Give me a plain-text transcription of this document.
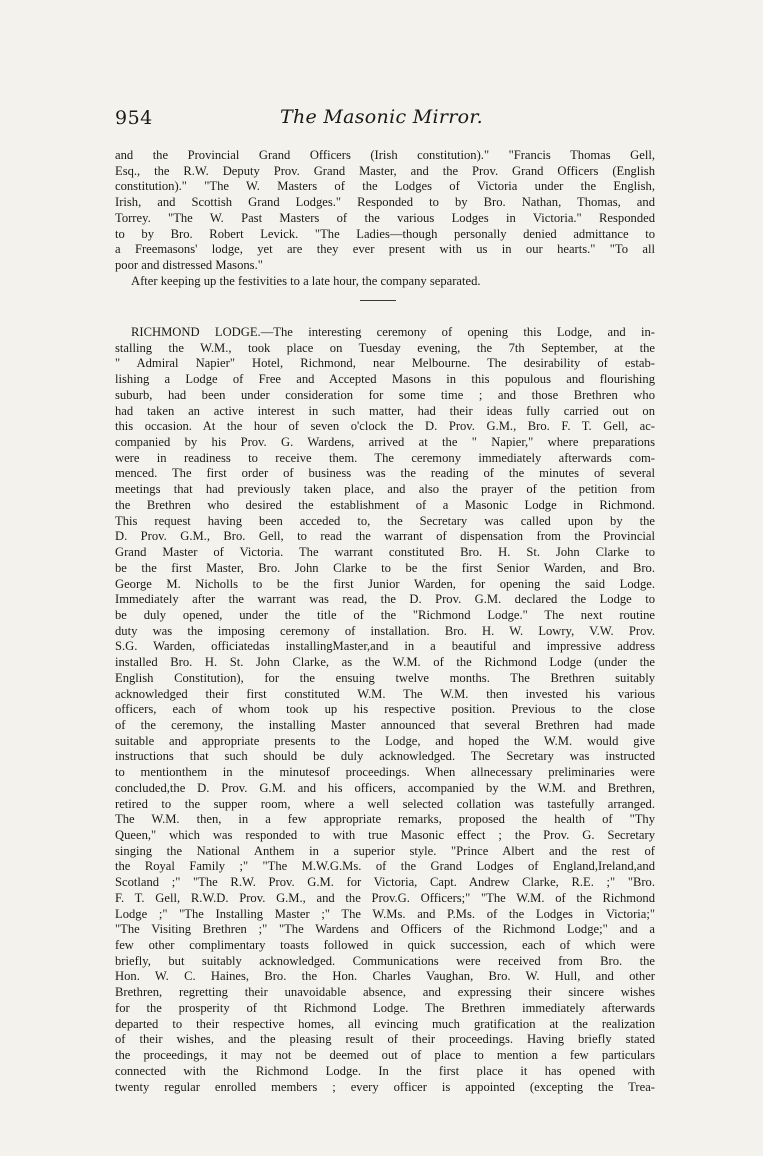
954	The Masonic Mirror.
and the Provincial Grand Officers (Irish constitution)." "Francis Thomas Gell,
Esq., the R.W. Deputy Prov. Grand Master, and the Prov. Grand Officers (English
constitution)." "The W. Masters of the Lodges of Victoria under the English,
Irish, and Scottish Grand Lodges." Responded to by Bro. Nathan, Thomas, and
Torrey. "The W. Past Masters of the various Lodges in Victoria." Responded
to by Bro. Robert Levick. "The Ladies—though personally denied admittance to
a Freemasons' lodge, yet are they ever present with us in our hearts." "To all
poor and distressed Masons."
After keeping up the festivities to a late hour, the company separated.
RICHMOND LODGE.—The interesting ceremony of opening this Lodge, and in-
stalling the W.M., took place on Tuesday evening, the 7th September, at the
" Admiral Napier" Hotel, Richmond, near Melbourne. The desirability of estab-
lishing a Lodge of Free and Accepted Masons in this populous and flourishing
suburb, had been under consideration for some time ; and those Brethren who
had taken an active interest in such matter, had their ideas fully carried out on
this occasion. At the hour of seven o'clock the D. Prov. G.M., Bro. F. T. Gell, ac-
companied by his Prov. G. Wardens, arrived at the " Napier," where preparations
were in readiness to receive them. The ceremony immediately afterwards com-
menced. The first order of business was the reading of the minutes of several
meetings that had previously taken place, and also the prayer of the petition from
the Brethren who desired the establishment of a Masonic Lodge in Richmond.
This request having been acceded to, the Secretary was called upon by the
D. Prov. G.M., Bro. Gell, to read the warrant of dispensation from the Provincial
Grand Master of Victoria. The warrant constituted Bro. H. St. John Clarke to
be the first Master, Bro. John Clarke to be the first Senior Warden, and Bro.
George M. Nicholls to be the first Junior Warden, for opening the said Lodge.
Immediately after the warrant was read, the D. Prov. G.M. declared the Lodge to
be duly opened, under the title of the "Richmond Lodge." The next routine
duty was the imposing ceremony of installation. Bro. H. W. Lowry, V.W. Prov.
S.G. Warden, officiatedas installingMaster,and in a beautiful and impressive address
installed Bro. H. St. John Clarke, as the W.M. of the Richmond Lodge (under the
English Constitution), for the ensuing twelve months. The Brethren suitably
acknowledged their first constituted W.M. The W.M. then invested his various
officers, each of whom took up his respective position. Previous to the close
of the ceremony, the installing Master announced that several Brethren had made
suitable and appropriate presents to the Lodge, and hoped the W.M. would give
instructions that such should be duly acknowledged. The Secretary was instructed
to mentionthem in the minutesof proceedings. When allnecessary preliminaries were
concluded,the D. Prov. G.M. and his officers, accompanied by the W.M. and Brethren,
retired to the supper room, where a well selected collation was tastefully arranged.
The W.M. then, in a few appropriate remarks, proposed the health of "Thy
Queen," which was responded to with true Masonic effect ; the Prov. G. Secretary
singing the National Anthem in a superior style. "Prince Albert and the rest of
the Royal Family ;" "The M.W.G.Ms. of the Grand Lodges of England,Ireland,and
Scotland ;" "The R.W. Prov. G.M. for Victoria, Capt. Andrew Clarke, R.E. ;" "Bro.
F. T. Gell, R.W.D. Prov. G.M., and the Prov.G. Officers;" "The W.M. of the Richmond
Lodge ;" "The Installing Master ;" The W.Ms. and P.Ms. of the Lodges in Victoria;"
"The Visiting Brethren ;" "The Wardens and Officers of the Richmond Lodge;" and a
few other complimentary toasts followed in quick succession, each of which were
briefly, but suitably acknowledged. Communications were received from Bro. the
Hon. W. C. Haines, Bro. the Hon. Charles Vaughan, Bro. W. Hull, and other
Brethren, regretting their unavoidable absence, and expressing their sincere wishes
for the prosperity of tht Richmond Lodge. The Brethren immediately afterwards
departed to their respective homes, all evincing much gratification at the realization
of their wishes, and the pleasing result of their proceedings. Having briefly stated
the proceedings, it may not be deemed out of place to mention a few particulars
connected with the Richmond Lodge. In the first place it has opened with
twenty regular enrolled members ; every officer is appointed (excepting the Trea-
